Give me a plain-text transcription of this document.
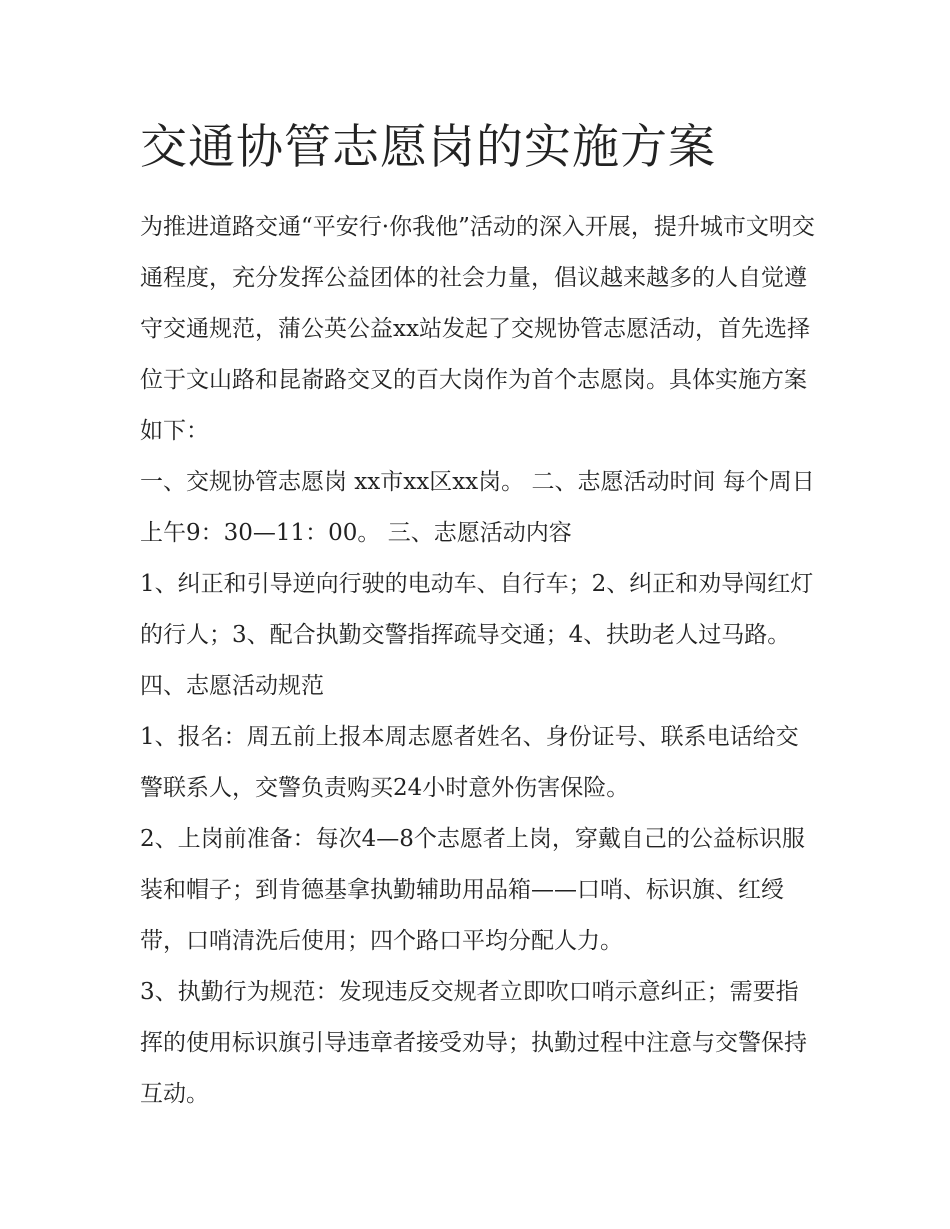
交通协管志愿岗的实施方案

为推进道路交通“平安行·你我他”活动的深入开展，提升城市文明交通程度，充分发挥公益团体的社会力量，倡议越来越多的人自觉遵守交通规范，蒲公英公益xx站发起了交规协管志愿活动，首先选择位于文山路和昆嵛路交叉的百大岗作为首个志愿岗。具体实施方案如下：

一、交规协管志愿岗 xx市xx区xx岗。 二、志愿活动时间 每个周日上午9：30—11：00。 三、志愿活动内容

1、纠正和引导逆向行驶的电动车、自行车；2、纠正和劝导闯红灯的行人；3、配合执勤交警指挥疏导交通；4、扶助老人过马路。 四、志愿活动规范

1、报名：周五前上报本周志愿者姓名、身份证号、联系电话给交警联系人，交警负责购买24小时意外伤害保险。

2、上岗前准备：每次4—8个志愿者上岗，穿戴自己的公益标识服装和帽子；到肯德基拿执勤辅助用品箱——口哨、标识旗、红绶带，口哨清洗后使用；四个路口平均分配人力。

3、执勤行为规范：发现违反交规者立即吹口哨示意纠正；需要指挥的使用标识旗引导违章者接受劝导；执勤过程中注意与交警保持互动。
